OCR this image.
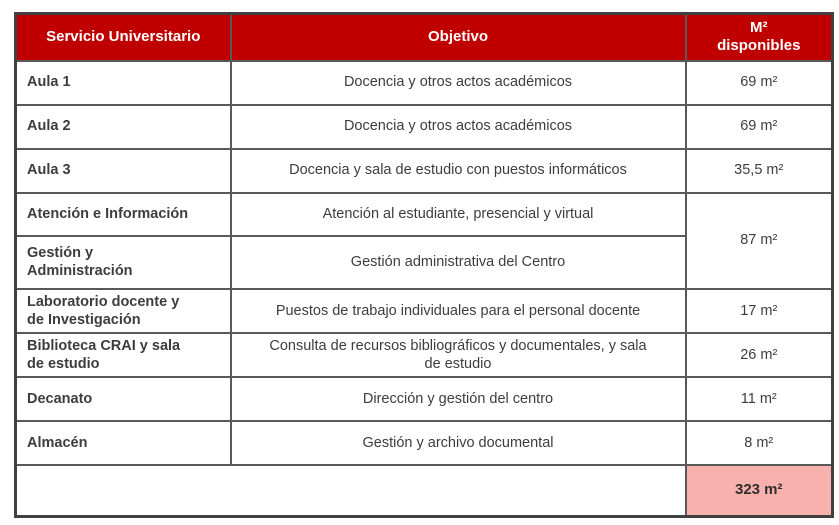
Servicio Universitario	Objetivo	M²
disponibles
Aula 1	Docencia y otros actos académicos	69 m²
Aula 2	Docencia y otros actos académicos	69 m²
Aula 3	Docencia y sala de estudio con puestos informáticos	35,5 m²
Atención e Información	Atención al estudiante, presencial y virtual	87 m²
Gestión y Administración	Gestión administrativa del Centro	
Laboratorio docente y de Investigación	Puestos de trabajo individuales para el personal docente	17 m²
Biblioteca CRAI y sala de estudio	Consulta de recursos bibliográficos y documentales, y sala de estudio	26 m²
Decanato	Dirección y gestión del centro	11 m²
Almacén	Gestión y archivo documental	8 m²
		323 m²
